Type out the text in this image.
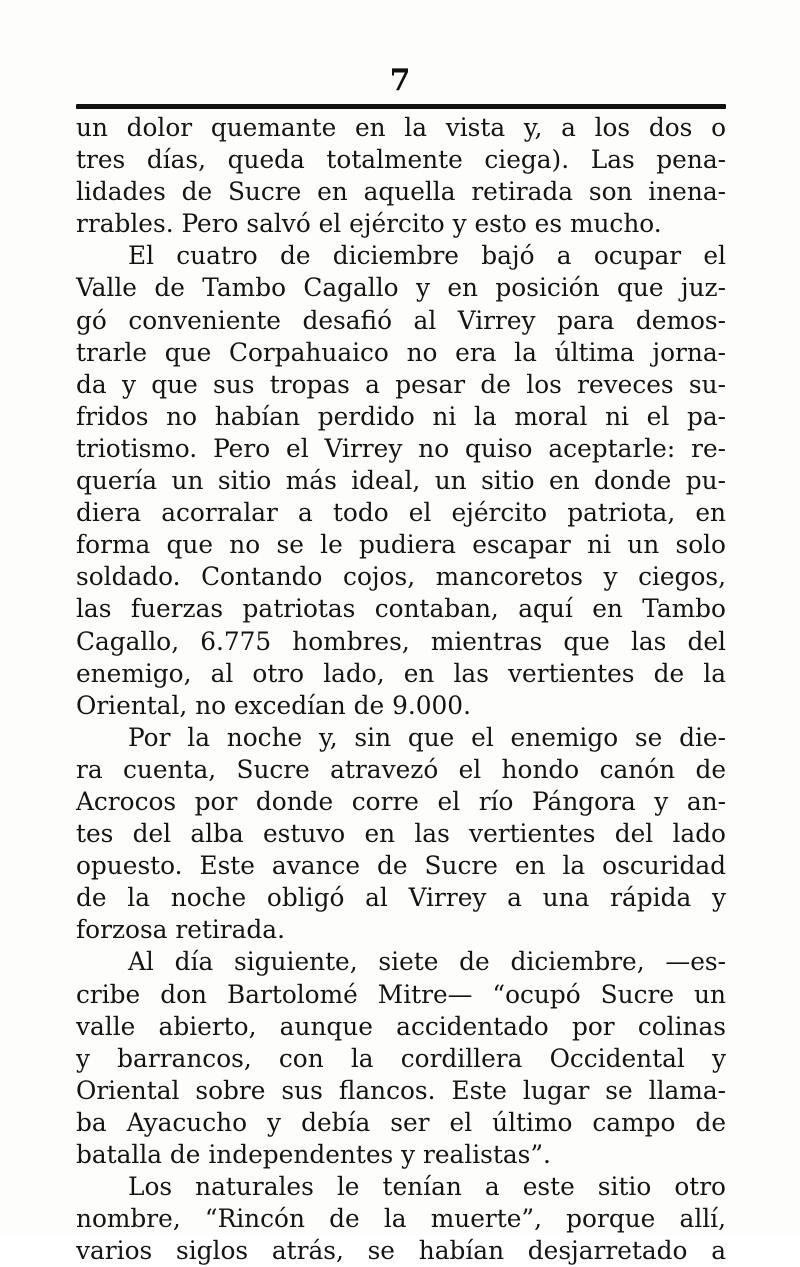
7
un dolor quemante en la vista y, a los dos o
tres días, queda totalmente ciega). Las pena-
lidades de Sucre en aquella retirada son inena-
rrables. Pero salvó el ejército y esto es mucho.
El cuatro de diciembre bajó a ocupar el
Valle de Tambo Cagallo y en posición que juz-
gó conveniente desafió al Virrey para demos-
trarle que Corpahuaico no era la última jorna-
da y que sus tropas a pesar de los reveces su-
fridos no habían perdido ni la moral ni el pa-
triotismo. Pero el Virrey no quiso aceptarle: re-
quería un sitio más ideal, un sitio en donde pu-
diera acorralar a todo el ejército patriota, en
forma que no se le pudiera escapar ni un solo
soldado. Contando cojos, mancoretos y ciegos,
las fuerzas patriotas contaban, aquí en Tambo
Cagallo, 6.775 hombres, mientras que las del
enemigo, al otro lado, en las vertientes de la
Oriental, no excedían de 9.000.
Por la noche y, sin que el enemigo se die-
ra cuenta, Sucre atravezó el hondo canón de
Acrocos por donde corre el río Pángora y an-
tes del alba estuvo en las vertientes del lado
opuesto. Este avance de Sucre en la oscuridad
de la noche obligó al Virrey a una rápida y
forzosa retirada.
Al día siguiente, siete de diciembre, —es-
cribe don Bartolomé Mitre— “ocupó Sucre un
valle abierto, aunque accidentado por colinas
y barrancos, con la cordillera Occidental y
Oriental sobre sus flancos. Este lugar se llama-
ba Ayacucho y debía ser el último campo de
batalla de independentes y realistas”.
Los naturales le tenían a este sitio otro
nombre, “Rincón de la muerte”, porque allí,
varios siglos atrás, se habían desjarretado a
